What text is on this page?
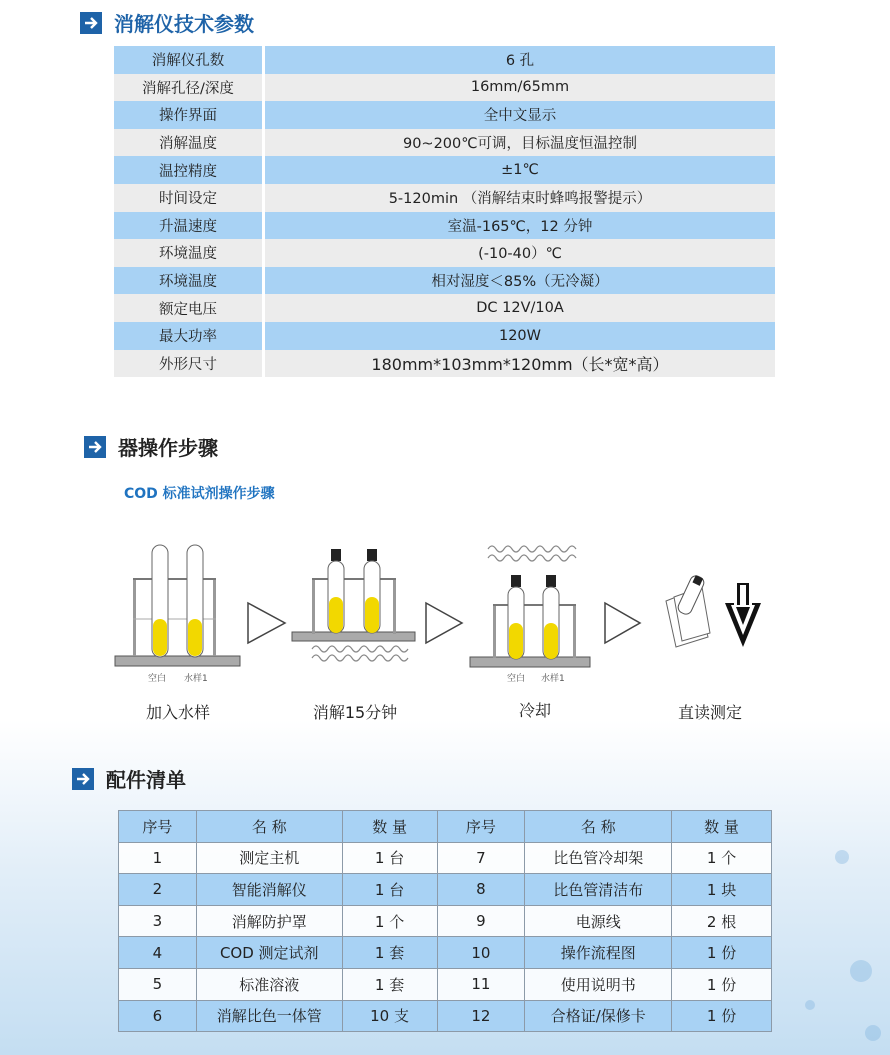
消解仪技术参数
消解仪孔数	6 孔
消解孔径/深度	16mm/65mm
操作界面	全中文显示
消解温度	90~200℃可调，目标温度恒温控制
温控精度	±1℃
时间设定	5-120min （消解结束时蜂鸣报警提示）
升温速度	室温-165℃，12 分钟
环境温度	(-10-40）℃
环境温度	相对湿度＜85%（无冷凝）
额定电压	DC 12V/10A
最大功率	120W
外形尺寸	180mm*103mm*120mm（长*宽*高）
器操作步骤
COD 标准试剂操作步骤
空白 水样1	空白 水样1
加入水样	消解15分钟	冷却	直读测定
配件清单
序号	名 称	数 量	序号	名 称	数 量
1	测定主机	1 台	7	比色管冷却架	1 个
2	智能消解仪	1 台	8	比色管清洁布	1 块
3	消解防护罩	1 个	9	电源线	2 根
4	COD 测定试剂	1 套	10	操作流程图	1 份
5	标准溶液	1 套	11	使用说明书	1 份
6	消解比色一体管	10 支	12	合格证/保修卡	1 份
